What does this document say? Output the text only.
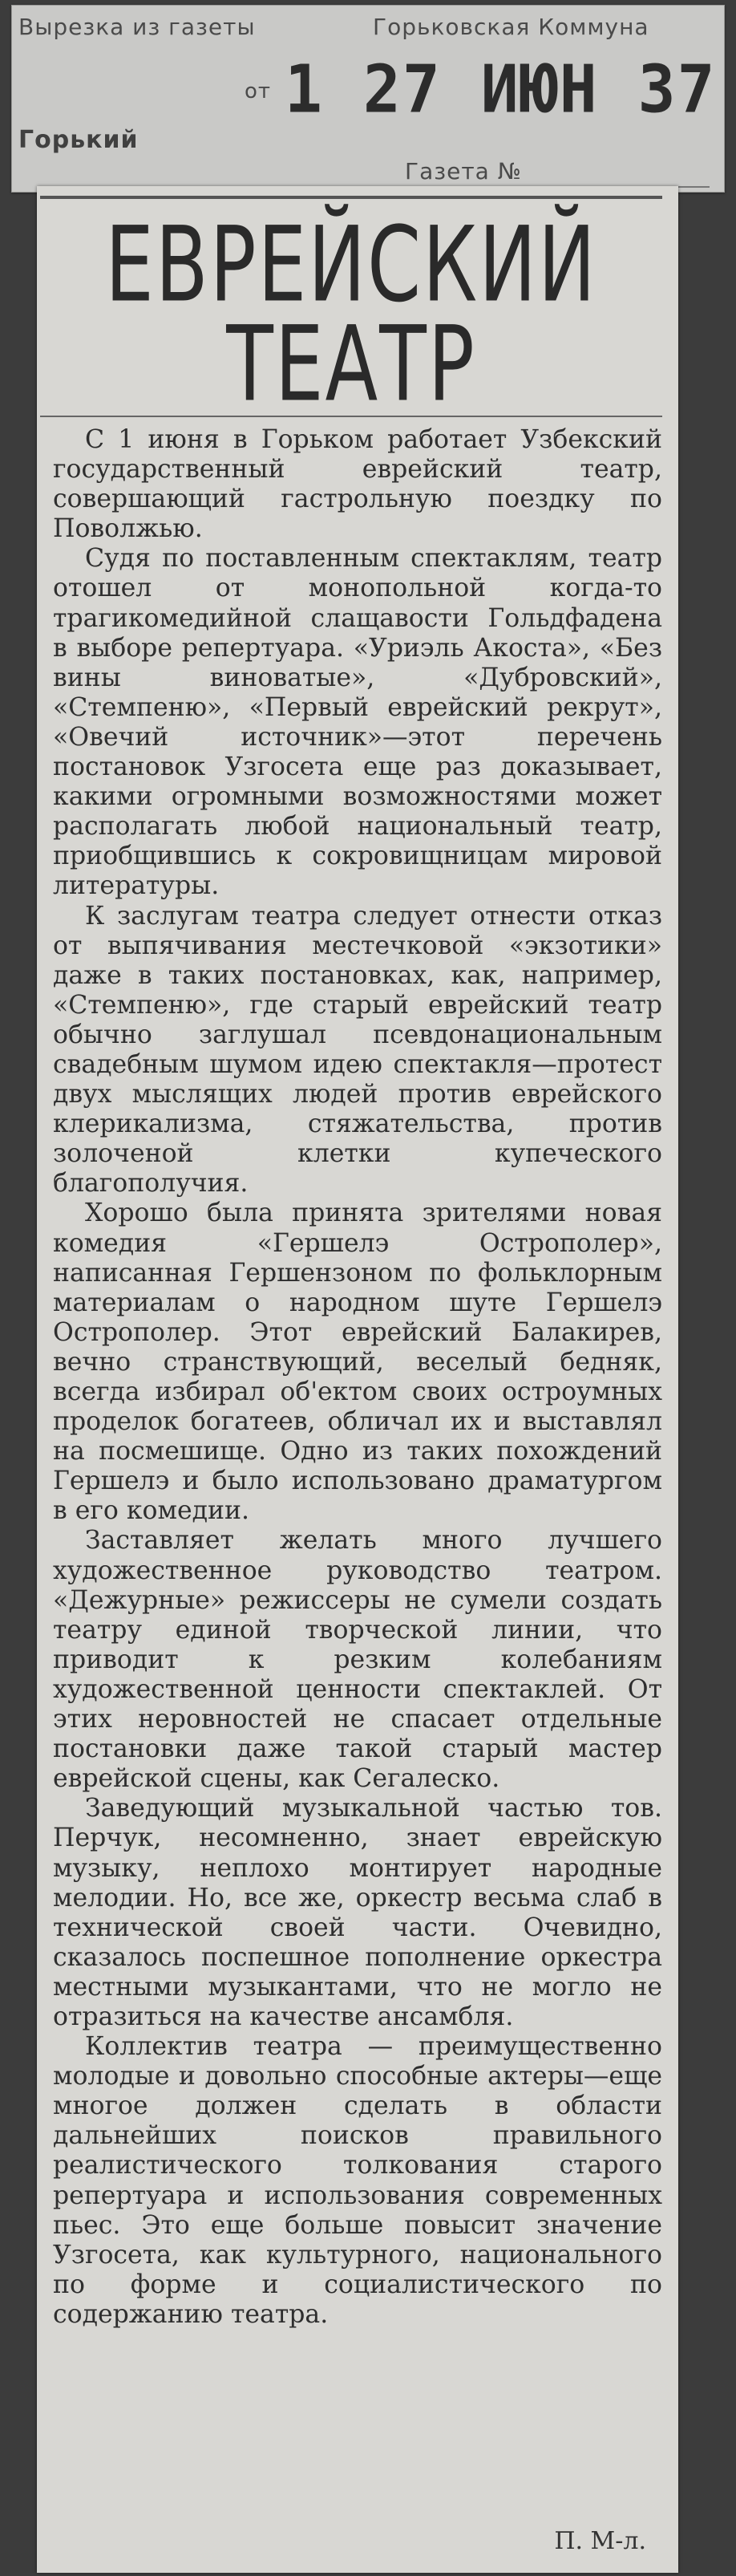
Вырезка из газеты	Горьковская Коммуна
от 1 27 ИЮН 37
Горький
Газета №
ЕВРЕЙСКИЙ
ТЕАТР

С 1 июня в Горьком работает Узбекский государственный еврейский театр, совершающий гастрольную поездку по Поволжью.

Судя по поставленным спектаклям, театр отошел от монопольной когда-то трагикомедийной слащавости Гольдфадена в выборе репертуара. «Уриэль Акоста», «Без вины виноватые», «Дубровский», «Стемпеню», «Первый еврейский рекрут», «Овечий источник»—этот перечень постановок Узгосета еще раз доказывает, какими огромными возможностями может располагать любой национальный театр, приобщившись к сокровищницам мировой литературы.

К заслугам театра следует отнести отказ от выпячивания местечковой «экзотики» даже в таких постановках, как, например, «Стемпеню», где старый еврейский театр обычно заглушал псевдонациональным свадебным шумом идею спектакля—протест двух мыслящих людей против еврейского клерикализма, стяжательства, против золоченой клетки купеческого благополучия.

Хорошо была принята зрителями новая комедия «Гершелэ Острополер», написанная Гершензоном по фольклорным материалам о народном шуте Гершелэ Острополер. Этот еврейский Балакирев, вечно странствующий, веселый бедняк, всегда избирал об'ектом своих остроумных проделок богатеев, обличал их и выставлял на посмешище. Одно из таких похождений Гершелэ и было использовано драматургом в его комедии.

Заставляет желать много лучшего художественное руководство театром. «Дежурные» режиссеры не сумели создать театру единой творческой линии, что приводит к резким колебаниям художественной ценности спектаклей. От этих неровностей не спасает отдельные постановки даже такой старый мастер еврейской сцены, как Сегалеско.

Заведующий музыкальной частью тов. Перчук, несомненно, знает еврейскую музыку, неплохо монтирует народные мелодии. Но, все же, оркестр весьма слаб в технической своей части. Очевидно, сказалось поспешное пополнение оркестра местными музыкантами, что не могло не отразиться на качестве ансамбля.

Коллектив театра — преимущественно молодые и довольно способные актеры—еще многое должен сделать в области дальнейших поисков правильного реалистического толкования старого репертуара и использования современных пьес. Это еще больше повысит значение Узгосета, как культурного, национального по форме и социалистического по содержанию театра.

П. М-л.
